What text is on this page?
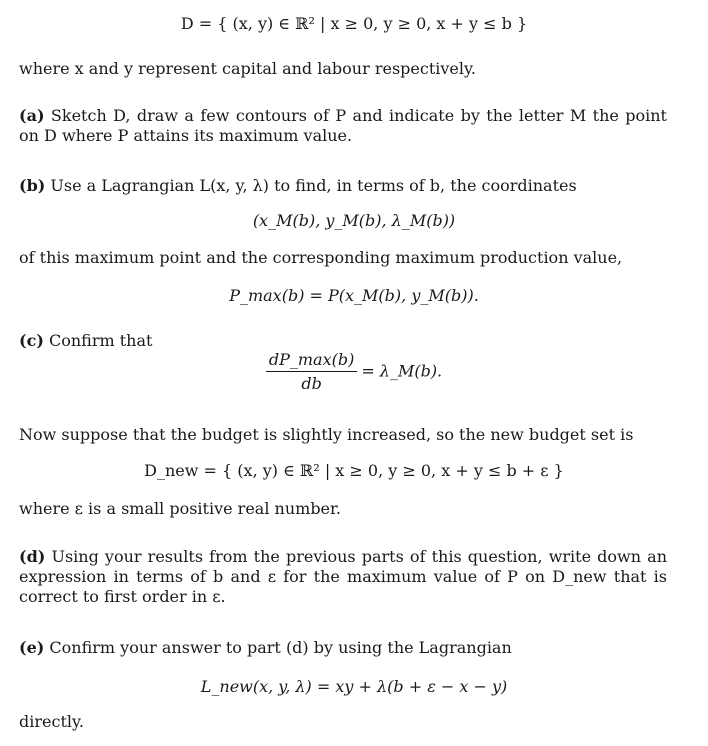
D = { (x, y) ∈ ℝ² | x ≥ 0, y ≥ 0, x + y ≤ b }
where x and y represent capital and labour respectively.
(a) Sketch D, draw a few contours of P and indicate by the letter M the point on D where P attains its maximum value.
(b) Use a Lagrangian L(x, y, λ) to find, in terms of b, the coordinates
(x_M(b), y_M(b), λ_M(b))
of this maximum point and the corresponding maximum production value,
P_max(b) = P(x_M(b), y_M(b)).
(c) Confirm that
$\frac{dP\_\max(b)}{db}$ = λ_M(b).
Now suppose that the budget is slightly increased, so the new budget set is
D_new = { (x, y) ∈ ℝ² | x ≥ 0, y ≥ 0, x + y ≤ b + ε }
where ε is a small positive real number.
(d) Using your results from the previous parts of this question, write down an expression in terms of b and ε for the maximum value of P on D_new that is correct to first order in ε.
(e) Confirm your answer to part (d) by using the Lagrangian
L_new(x, y, λ) = xy + λ(b + ε − x − y)
directly.
